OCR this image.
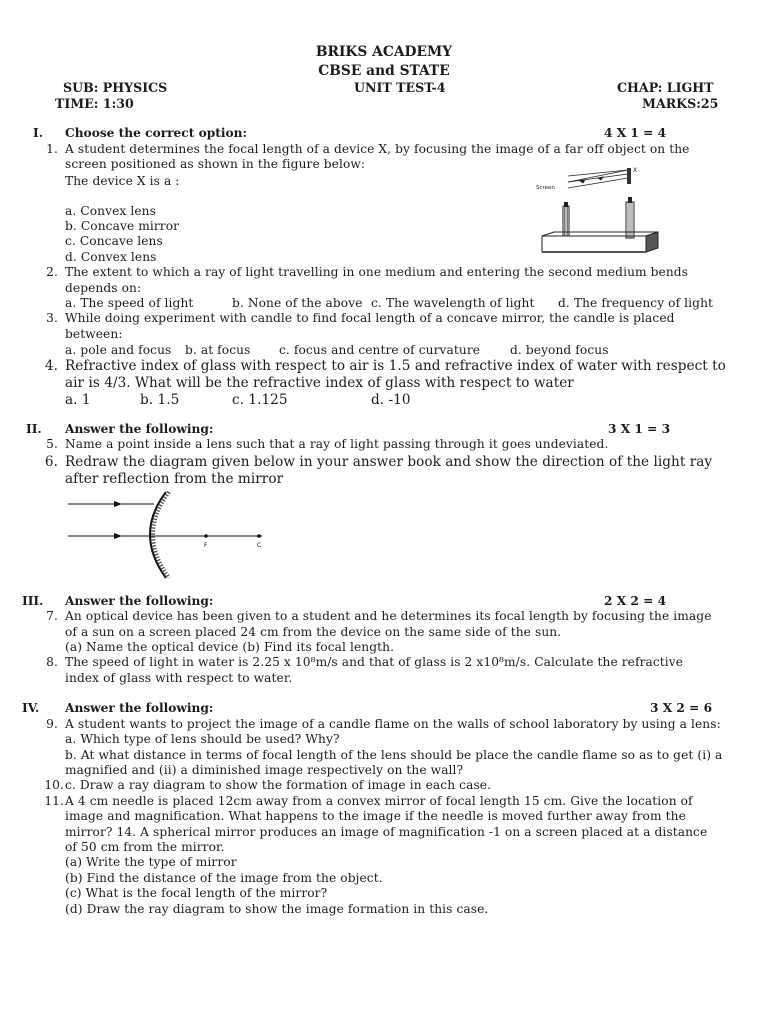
BRIKS ACADEMY
CBSE and STATE
SUB: PHYSICS	UNIT TEST-4	CHAP: LIGHT
TIME: 1:30	MARKS:25
I. Choose the correct option:	4 X 1 = 4
1. A student determines the focal length of a device X, by focusing the image of a far off object on the
screen positioned as shown in the figure below:
The device X is a :
a. Convex lens
b. Concave mirror
c. Concave lens
d. Convex lens
X
Screen
2. The extent to which a ray of light travelling in one medium and entering the second medium bends
depends on:
a. The speed of light	b. None of the above c. The wavelength of light d. The frequency of light
3. While doing experiment with candle to find focal length of a concave mirror, the candle is placed
between:
a. pole and focus b. at focus c. focus and centre of curvature d. beyond focus
4. Refractive index of glass with respect to air is 1.5 and refractive index of water with respect to
air is 4/3. What will be the refractive index of glass with respect to water
a. 1	b. 1.5	c. 1.125	d. -10
II. Answer the following:	3 X 1 = 3
5. Name a point inside a lens such that a ray of light passing through it goes undeviated.
6. Redraw the diagram given below in your answer book and show the direction of the light ray
after reflection from the mirror
F	C
III. Answer the following:	2 X 2 = 4
7. An optical device has been given to a student and he determines its focal length by focusing the image
of a sun on a screen placed 24 cm from the device on the same side of the sun.
(a) Name the optical device (b) Find its focal length.
8. The speed of light in water is 2.25 x 10⁸m/s and that of glass is 2 x10⁸m/s. Calculate the refractive
index of glass with respect to water.
IV. Answer the following:	3 X 2 = 6
9. A student wants to project the image of a candle flame on the walls of school laboratory by using a lens:
a. Which type of lens should be used? Why?
b. At what distance in terms of focal length of the lens should be place the candle flame so as to get (i) a
magnified and (ii) a diminished image respectively on the wall?
10. c. Draw a ray diagram to show the formation of image in each case.
11. A 4 cm needle is placed 12cm away from a convex mirror of focal length 15 cm. Give the location of
image and magnification. What happens to the image if the needle is moved further away from the
mirror? 14. A spherical mirror produces an image of magnification -1 on a screen placed at a distance
of 50 cm from the mirror.
(a) Write the type of mirror
(b) Find the distance of the image from the object.
(c) What is the focal length of the mirror?
(d) Draw the ray diagram to show the image formation in this case.
